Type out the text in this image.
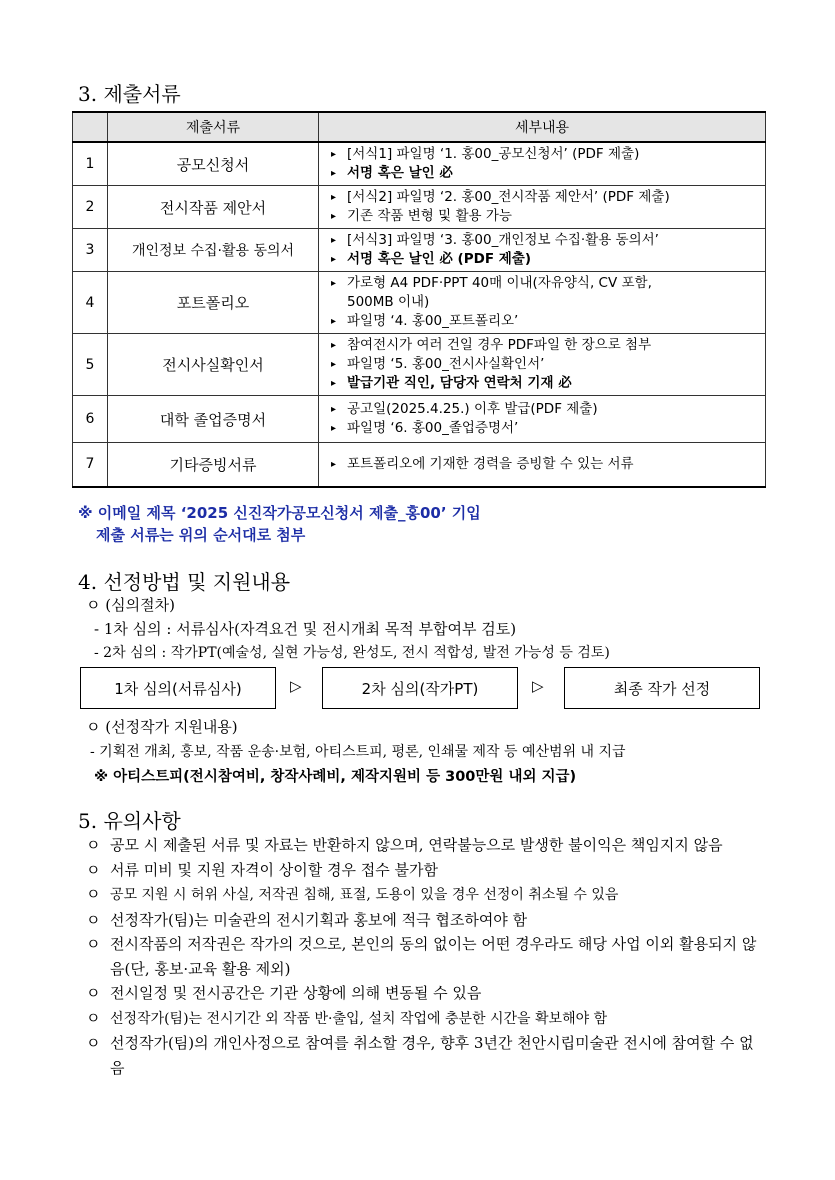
3. 제출서류
	제출서류	세부내용
1	공모신청서	▸ [서식1] 파일명 ‘1. 홍00_공모신청서’ (PDF 제출)
▸ 서명 혹은 날인 必

2	전시작품 제안서	▸ [서식2] 파일명 ‘2. 홍00_전시작품 제안서’ (PDF 제출)
▸ 기존 작품 변형 및 활용 가능

3	개인정보 수집·활용 동의서	▸ [서식3] 파일명 ‘3. 홍00_개인정보 수집·활용 동의서’
▸ 서명 혹은 날인 必 (PDF 제출)

4	포트폴리오	▸ 가로형 A4 PDF·PPT 40매 이내(자유양식, CV 포함,
500MB 이내)
▸ 파일명 ‘4. 홍00_포트폴리오’

5	전시사실확인서	▸ 참여전시가 여러 건일 경우 PDF파일 한 장으로 첨부
▸ 파일명 ‘5. 홍00_전시사실확인서’
▸ 발급기관 직인, 담당자 연락처 기재 必

6	대학 졸업증명서	▸ 공고일(2025.4.25.) 이후 발급(PDF 제출)
▸ 파일명 ‘6. 홍00_졸업증명서’

7	기타증빙서류	▸ 포트폴리오에 기재한 경력을 증빙할 수 있는 서류
※ 이메일 제목 ‘2025 신진작가공모신청서 제출_홍00’ 기입
제출 서류는 위의 순서대로 첨부
4. 선정방법 및 지원내용
ㅇ (심의절차)
- 1차 심의 : 서류심사(자격요건 및 전시개최 목적 부합여부 검토)
- 2차 심의 : 작가PT(예술성, 실현 가능성, 완성도, 전시 적합성, 발전 가능성 등 검토)
1차 심의(서류심사)	▷	2차 심의(작가PT)	▷	최종 작가 선정
ㅇ (선정작가 지원내용)
- 기획전 개최, 홍보, 작품 운송·보험, 아티스트피, 평론, 인쇄물 제작 등 예산범위 내 지급
※ 아티스트피(전시참여비, 창작사례비, 제작지원비 등 300만원 내외 지급)
5. 유의사항
ㅇ 공모 시 제출된 서류 및 자료는 반환하지 않으며, 연락불능으로 발생한 불이익은 책임지지 않음
ㅇ 서류 미비 및 지원 자격이 상이할 경우 접수 불가함
ㅇ 공모 지원 시 허위 사실, 저작권 침해, 표절, 도용이 있을 경우 선정이 취소될 수 있음
ㅇ 선정작가(팀)는 미술관의 전시기획과 홍보에 적극 협조하여야 함
ㅇ 전시작품의 저작권은 작가의 것으로, 본인의 동의 없이는 어떤 경우라도 해당 사업 이외 활용되지 않음(단, 홍보·교육 활용 제외)
ㅇ 전시일정 및 전시공간은 기관 상황에 의해 변동될 수 있음
ㅇ 선정작가(팀)는 전시기간 외 작품 반·출입, 설치 작업에 충분한 시간을 확보해야 함
ㅇ 선정작가(팀)의 개인사정으로 참여를 취소할 경우, 향후 3년간 천안시립미술관 전시에 참여할 수 없음
